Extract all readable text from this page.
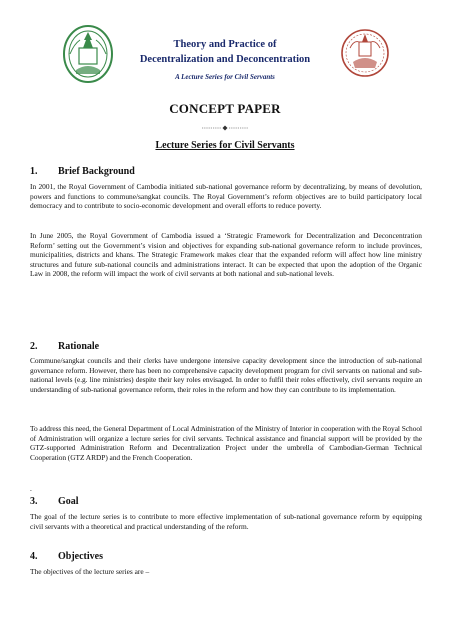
Theory and Practice of
Decentralization and Deconcentration
A Lecture Series for Civil Servants
CONCEPT PAPER
Lecture Series for Civil Servants
1. Brief Background
In 2001, the Royal Government of Cambodia initiated sub-national governance reform by decentralizing, by means of devolution, powers and functions to commune/sangkat councils. The Royal Government’s reform objectives are to build participatory local democracy and to contribute to socio-economic development and overall efforts to reduce poverty.
In June 2005, the Royal Government of Cambodia issued a ‘Strategic Framework for Decentralization and Deconcentration Reform’ setting out the Government’s vision and objectives for expanding sub-national governance reform to include provinces, municipalities, districts and khans. The Strategic Framework makes clear that the expanded reform will affect how line ministry structures and future sub-national councils and administrations interact. It can be expected that upon the adoption of the Organic Law in 2008, the reform will impact the work of civil servants at both national and sub-national levels.
2. Rationale
Commune/sangkat councils and their clerks have undergone intensive capacity development since the introduction of sub-national governance reform. However, there has been no comprehensive capacity development program for civil servants on national and sub-national levels (e.g. line ministries) despite their key roles envisaged. In order to fulfil their roles effectively, civil servants require an understanding of sub-national governance reform, their roles in the reform and how they can contribute to its implementation.
To address this need, the General Department of Local Administration of the Ministry of Interior in cooperation with the Royal School of Administration will organize a lecture series for civil servants. Technical assistance and financial support will be provided by the GTZ-supported Administration Reform and Decentralization Project under the umbrella of Cambodian-German Technical Cooperation (GTZ ARDP) and the French Cooperation.
.
3. Goal
The goal of the lecture series is to contribute to more effective implementation of sub-national governance reform by equipping civil servants with a theoretical and practical understanding of the reform.
4. Objectives
The objectives of the lecture series are –
